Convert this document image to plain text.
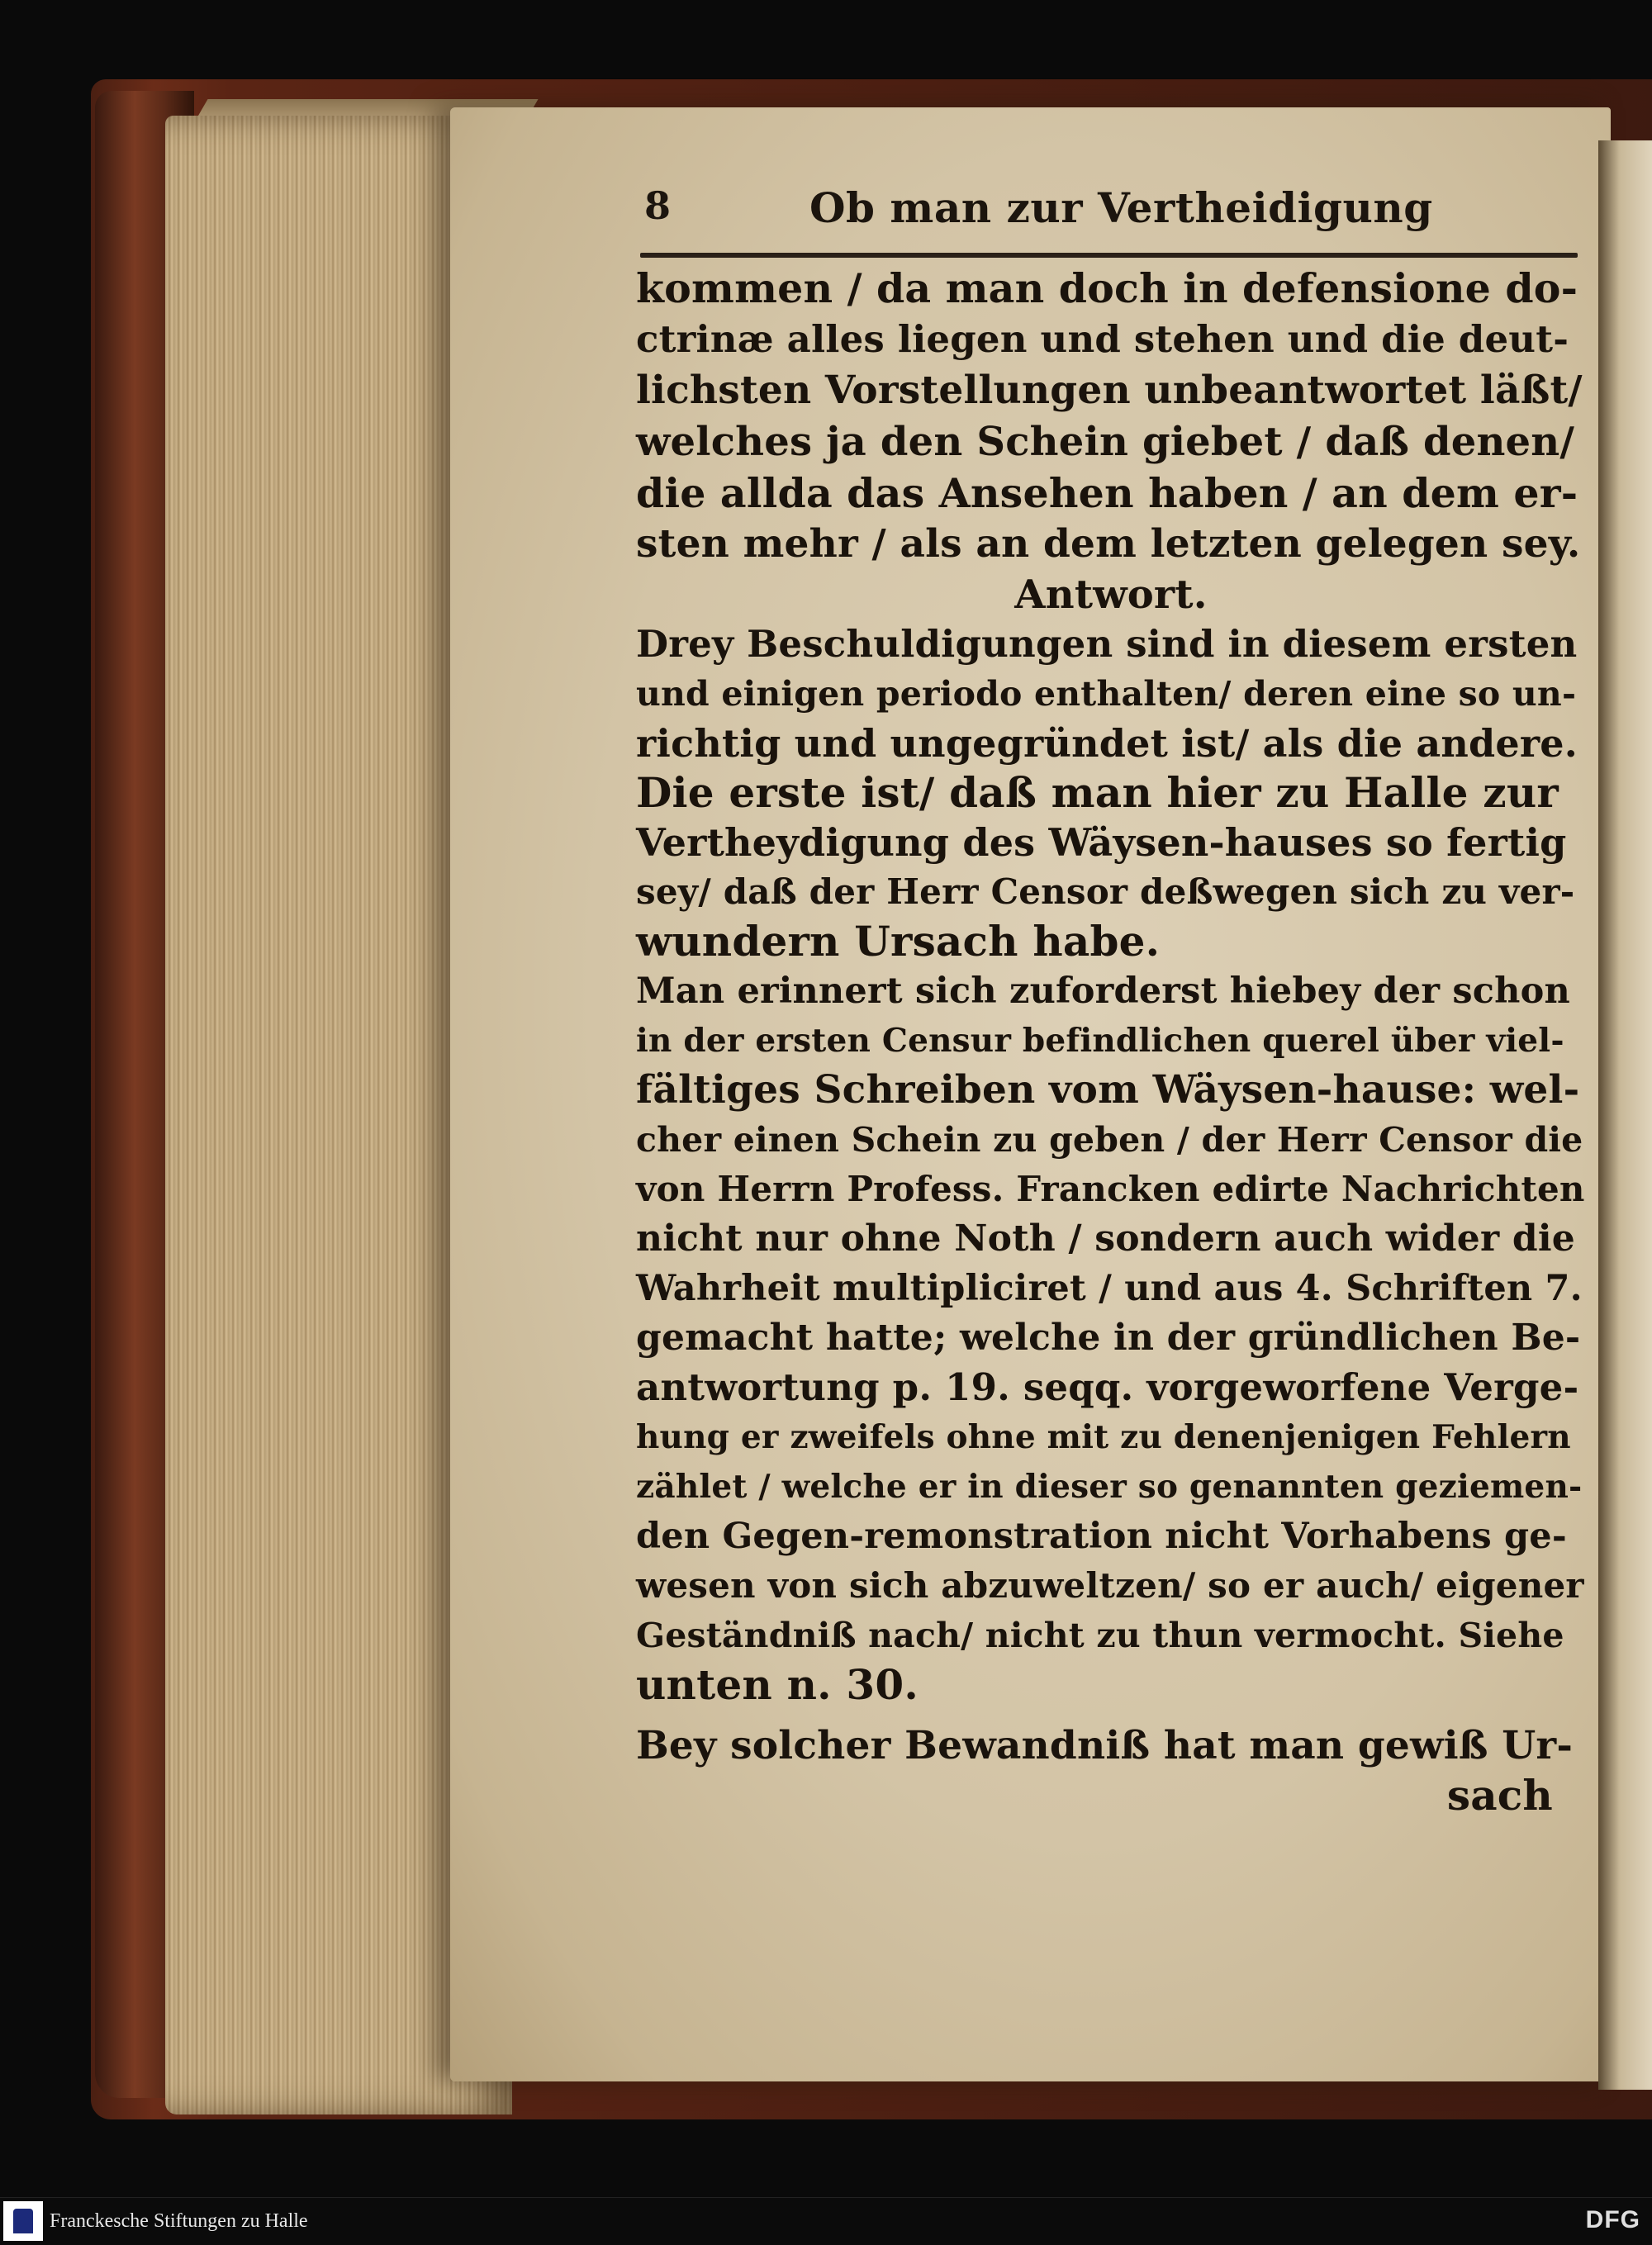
8	Ob man zur Vertheidigung
kommen / da man doch in defensione do-
ctrinæ alles liegen und stehen und die deut-
lichsten Vorstellungen unbeantwortet läßt/
welches ja den Schein giebet / daß denen/
die allda das Ansehen haben / an dem er-
sten mehr / als an dem letzten gelegen sey.
Antwort.
Drey Beschuldigungen sind in diesem ersten
und einigen periodo enthalten/ deren eine so un-
richtig und ungegründet ist/ als die andere.
Die erste ist/ daß man hier zu Halle zur
Vertheydigung des Wäysen-hauses so fertig
sey/ daß der Herr Censor deßwegen sich zu ver-
wundern Ursach habe.
Man erinnert sich zuforderst hiebey der schon
in der ersten Censur befindlichen querel über viel-
fältiges Schreiben vom Wäysen-hause: wel-
cher einen Schein zu geben / der Herr Censor die
von Herrn Profess. Francken edirte Nachrichten
nicht nur ohne Noth / sondern auch wider die
Wahrheit multipliciret / und aus 4. Schriften 7.
gemacht hatte; welche in der gründlichen Be-
antwortung p. 19. seqq. vorgeworfene Verge-
hung er zweifels ohne mit zu denenjenigen Fehlern
zählet / welche er in dieser so genannten geziemen-
den Gegen-remonstration nicht Vorhabens ge-
wesen von sich abzuweltzen/ so er auch/ eigener
Geständniß nach/ nicht zu thun vermocht. Siehe
unten n. 30.
Bey solcher Bewandniß hat man gewiß Ur-
sach
Franckesche Stiftungen zu Halle	DFG
